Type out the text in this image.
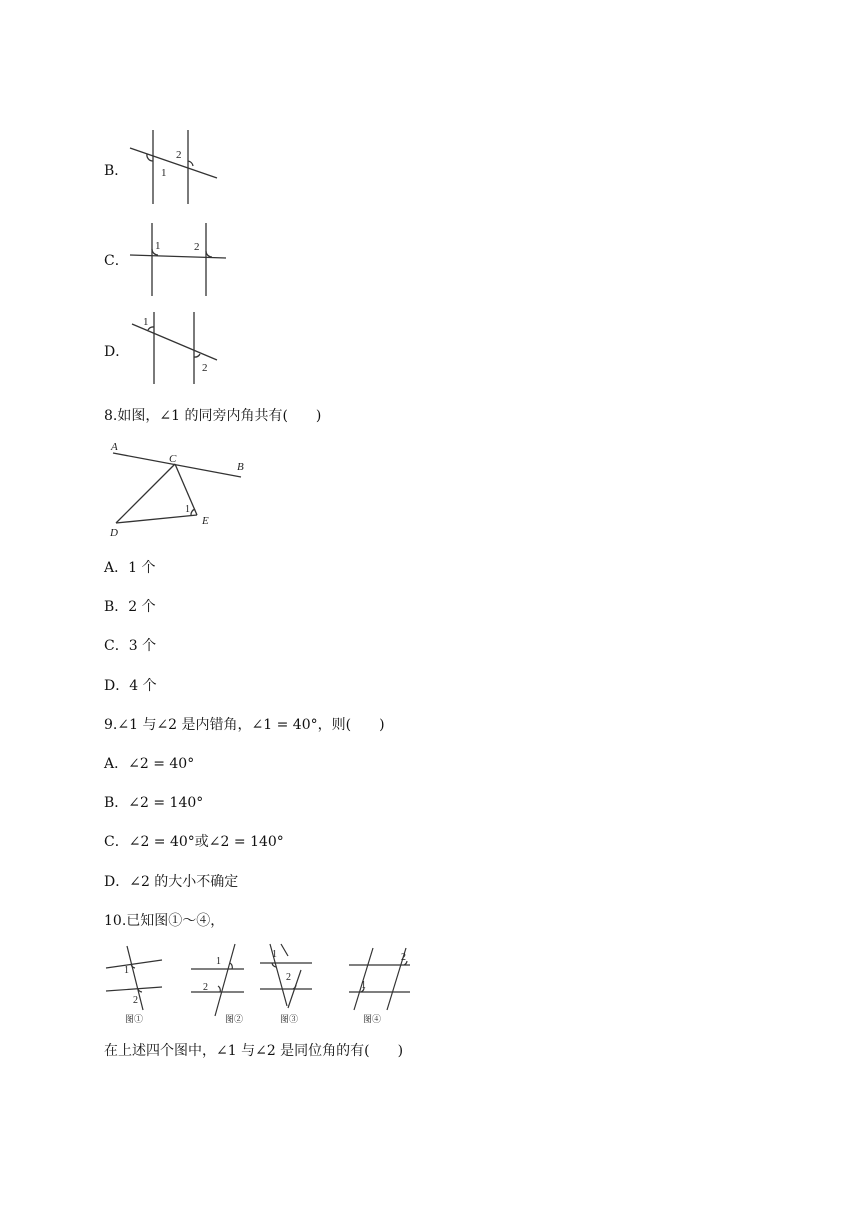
B．	1
2
C．
1	2
D．
1
2
8.如图，∠1 的同旁内角共有(　　)
A
B
C
D
E
1
A．1 个
B．2 个
C．3 个
D．4 个
9.∠1 与∠2 是内错角，∠1 = 40°，则(　　)
A．∠2 = 40°
B．∠2 = 140°
C．∠2 = 40°或∠2 = 140°
D．∠2 的大小不确定
10.已知图①～④，
1
2
1
2
1
2
1
2
图①	图②	图③	图④
在上述四个图中，∠1 与∠2 是同位角的有(　　)
